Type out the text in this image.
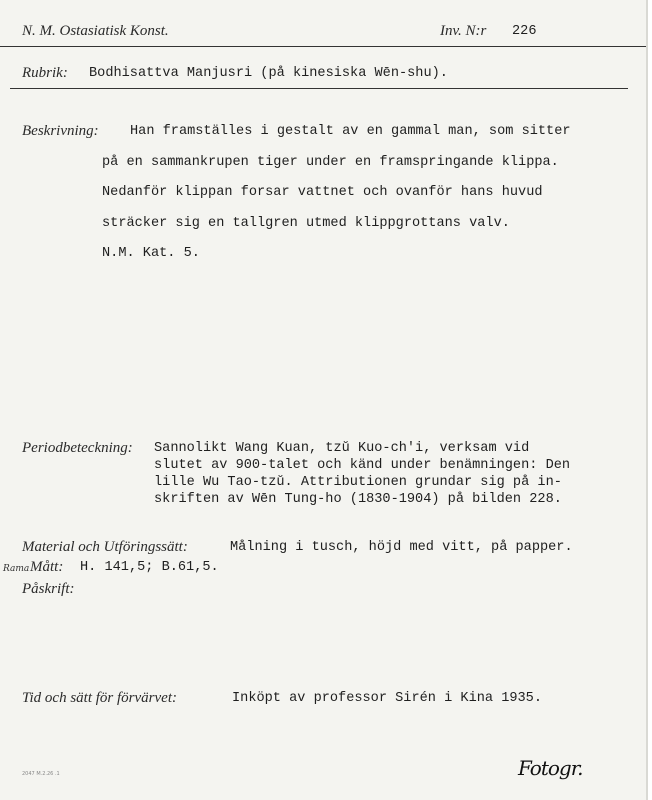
N. M. Ostasiatisk Konst.	Inv. N:r 226
Rubrik: Bodhisattva Manjusri (på kinesiska Wēn-shu).
Beskrivning: Han framställes i gestalt av en gammal man, som sitter
på en sammankrupen tiger under en framspringande klippa.
Nedanför klippan forsar vattnet och ovanför hans huvud
sträcker sig en tallgren utmed klippgrottans valv.
N.M. Kat. 5.
Periodbeteckning: Sannolikt Wang Kuan, tzŭ Kuo-ch'i, verksam vid
slutet av 900-talet och känd under benämningen: Den
lille Wu Tao-tzŭ. Attributionen grundar sig på in-
skriften av Wēn Tung-ho (1830-1904) på bilden 228.
Material och Utföringssätt:	Målning i tusch, höjd med vitt, på papper.
Rama Mått: H. 141,5; B.61,5.
Påskrift:
Tid och sätt för förvärvet:	Inköpt av professor Sirén i Kina 1935.
2047 M.2.26 .1	Fotogr.
